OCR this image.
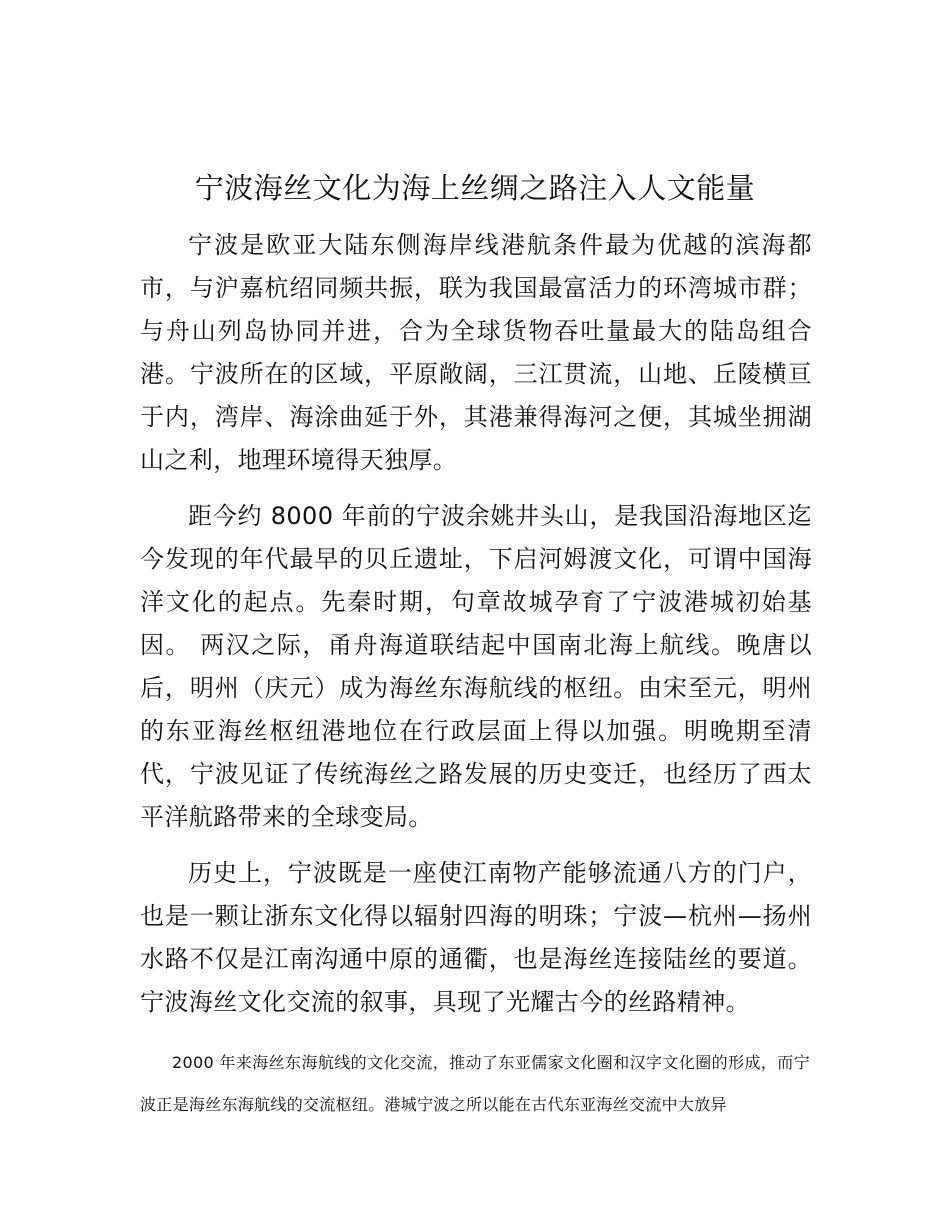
宁波海丝文化为海上丝绸之路注入人文能量

宁波是欧亚大陆东侧海岸线港航条件最为优越的滨海都市，与沪嘉杭绍同频共振，联为我国最富活力的环湾城市群；与舟山列岛协同并进，合为全球货物吞吐量最大的陆岛组合港。宁波所在的区域，平原敞阔，三江贯流，山地、丘陵横亘于内，湾岸、海涂曲延于外，其港兼得海河之便，其城坐拥湖山之利，地理环境得天独厚。

距今约 8000 年前的宁波余姚井头山，是我国沿海地区迄今发现的年代最早的贝丘遗址，下启河姆渡文化，可谓中国海洋文化的起点。先秦时期，句章故城孕育了宁波港城初始基因。 两汉之际，甬舟海道联结起中国南北海上航线。晚唐以后，明州（庆元）成为海丝东海航线的枢纽。由宋至元，明州的东亚海丝枢纽港地位在行政层面上得以加强。明晚期至清代，宁波见证了传统海丝之路发展的历史变迁，也经历了西太平洋航路带来的全球变局。

历史上，宁波既是一座使江南物产能够流通八方的门户，也是一颗让浙东文化得以辐射四海的明珠；宁波—杭州—扬州水路不仅是江南沟通中原的通衢，也是海丝连接陆丝的要道。宁波海丝文化交流的叙事，具现了光耀古今的丝路精神。

2000 年来海丝东海航线的文化交流，推动了东亚儒家文化圈和汉字文化圈的形成，而宁波正是海丝东海航线的交流枢纽。港城宁波之所以能在古代东亚海丝交流中大放异
